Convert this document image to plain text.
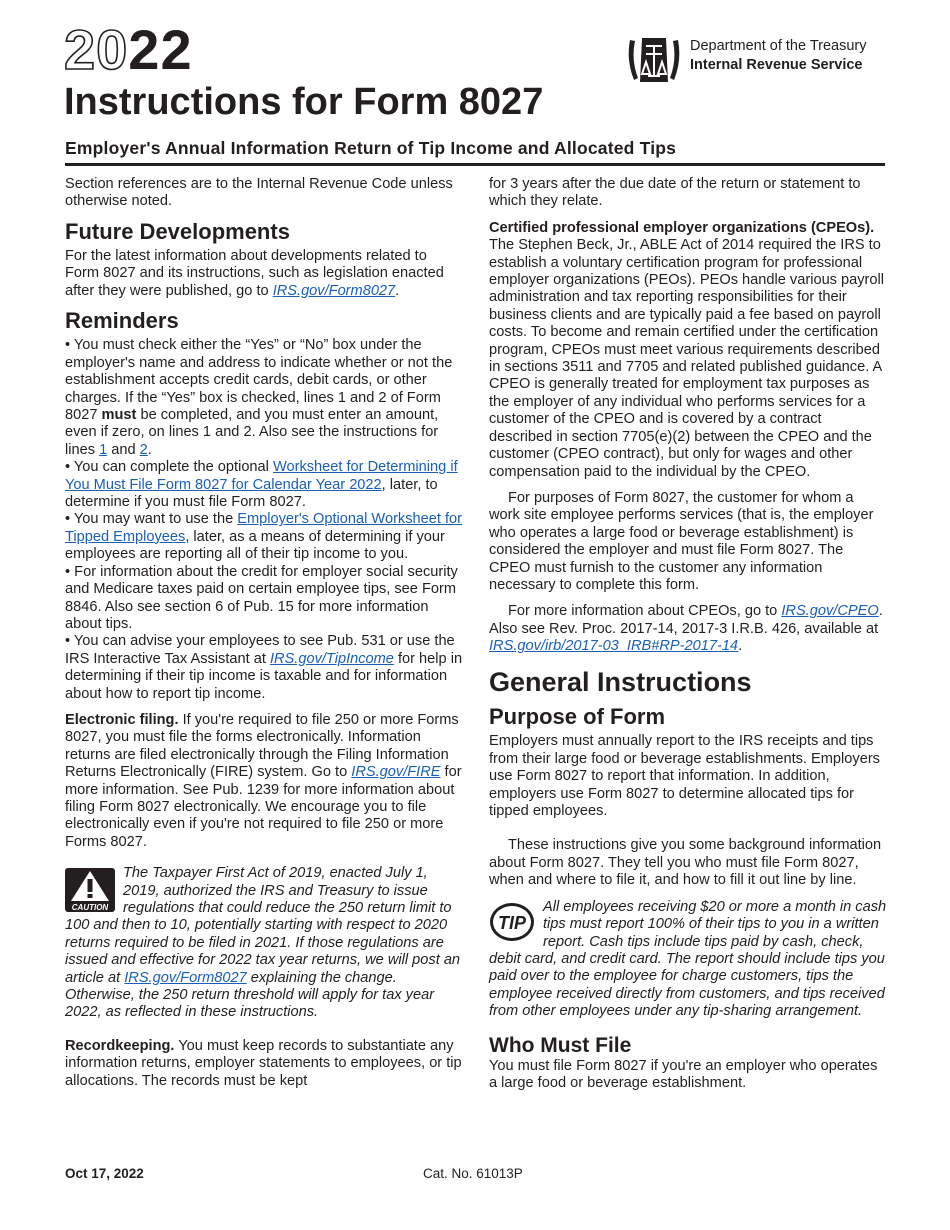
2022
Instructions for Form 8027
Employer's Annual Information Return of Tip Income and Allocated Tips
Department of the Treasury
Internal Revenue Service

Section references are to the Internal Revenue Code unless otherwise noted.

Future Developments

For the latest information about developments related to Form 8027 and its instructions, such as legislation enacted after they were published, go to IRS.gov/Form8027.

Reminders

• You must check either the “Yes” or “No” box under the employer's name and address to indicate whether or not the establishment accepts credit cards, debit cards, or other charges. If the “Yes” box is checked, lines 1 and 2 of Form 8027 must be completed, and you must enter an amount, even if zero, on lines 1 and 2. Also see the instructions for lines 1 and 2.

• You can complete the optional Worksheet for Determining if You Must File Form 8027 for Calendar Year 2022, later, to determine if you must file Form 8027.

• You may want to use the Employer's Optional Worksheet for Tipped Employees, later, as a means of determining if your employees are reporting all of their tip income to you.

• For information about the credit for employer social security and Medicare taxes paid on certain employee tips, see Form 8846. Also see section 6 of Pub. 15 for more information about tips.

• You can advise your employees to see Pub. 531 or use the IRS Interactive Tax Assistant at IRS.gov/TipIncome for help in determining if their tip income is taxable and for information about how to report tip income.

Electronic filing. If you're required to file 250 or more Forms 8027, you must file the forms electronically. Information returns are filed electronically through the Filing Information Returns Electronically (FIRE) system. Go to IRS.gov/FIRE for more information. See Pub. 1239 for more information about filing Form 8027 electronically. We encourage you to file electronically even if you're not required to file 250 or more Forms 8027.

CAUTION
The Taxpayer First Act of 2019, enacted July 1, 2019, authorized the IRS and Treasury to issue regulations that could reduce the 250 return limit to 100 and then to 10, potentially starting with respect to 2020 returns required to be filed in 2021. If those regulations are issued and effective for 2022 tax year returns, we will post an article at IRS.gov/Form8027 explaining the change. Otherwise, the 250 return threshold will apply for tax year 2022, as reflected in these instructions.

Recordkeeping. You must keep records to substantiate any information returns, employer statements to employees, or tip allocations. The records must be kept

for 3 years after the due date of the return or statement to which they relate.

Certified professional employer organizations (CPEOs). The Stephen Beck, Jr., ABLE Act of 2014 required the IRS to establish a voluntary certification program for professional employer organizations (PEOs). PEOs handle various payroll administration and tax reporting responsibilities for their business clients and are typically paid a fee based on payroll costs. To become and remain certified under the certification program, CPEOs must meet various requirements described in sections 3511 and 7705 and related published guidance. A CPEO is generally treated for employment tax purposes as the employer of any individual who performs services for a customer of the CPEO and is covered by a contract described in section 7705(e)(2) between the CPEO and the customer (CPEO contract), but only for wages and other compensation paid to the individual by the CPEO.

For purposes of Form 8027, the customer for whom a work site employee performs services (that is, the employer who operates a large food or beverage establishment) is considered the employer and must file Form 8027. The CPEO must furnish to the customer any information necessary to complete this form.

For more information about CPEOs, go to IRS.gov/CPEO. Also see Rev. Proc. 2017-14, 2017-3 I.R.B. 426, available at IRS.gov/irb/2017-03_IRB#RP-2017-14.

General Instructions
Purpose of Form

Employers must annually report to the IRS receipts and tips from their large food or beverage establishments. Employers use Form 8027 to report that information. In addition, employers use Form 8027 to determine allocated tips for tipped employees.

These instructions give you some background information about Form 8027. They tell you who must file Form 8027, when and where to file it, and how to fill it out line by line.

TIP
All employees receiving $20 or more a month in cash tips must report 100% of their tips to you in a written report. Cash tips include tips paid by cash, check, debit card, and credit card. The report should include tips you paid over to the employee for charge customers, tips the employee received directly from customers, and tips received from other employees under any tip-sharing arrangement.
Who Must File

You must file Form 8027 if you're an employer who operates a large food or beverage establishment.

Oct 17, 2022	Cat. No. 61013P
